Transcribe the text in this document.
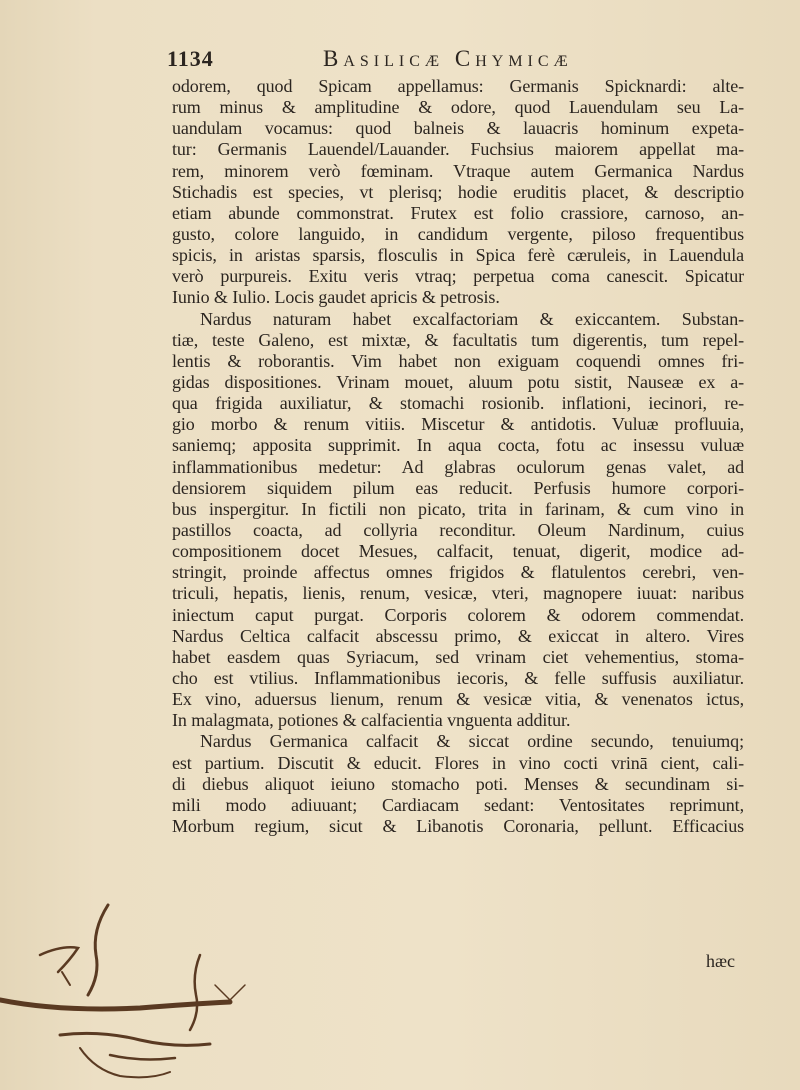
1134	Basilicæ Chymicæ
odorem, quod Spicam appellamus: Germanis Spicknardi: alte-
rum minus & amplitudine & odore, quod Lauendulam seu La-
uandulam vocamus: quod balneis & lauacris hominum expeta-
tur: Germanis Lauendel/Lauander. Fuchsius maiorem appellat ma-
rem, minorem verò fœminam. Vtraque autem Germanica Nardus
Stichadis est species, vt plerisq; hodie eruditis placet, & descriptio
etiam abunde commonstrat. Frutex est folio crassiore, carnoso, an-
gusto, colore languido, in candidum vergente, piloso frequentibus
spicis, in aristas sparsis, flosculis in Spica ferè cæruleis, in Lauendula
verò purpureis. Exitu veris vtraq; perpetua coma canescit. Spicatur
Iunio & Iulio. Locis gaudet apricis & petrosis.
Nardus naturam habet excalfactoriam & exiccantem. Substan-
tiæ, teste Galeno, est mixtæ, & facultatis tum digerentis, tum repel-
lentis & roborantis. Vim habet non exiguam coquendi omnes fri-
gidas dispositiones. Vrinam mouet, aluum potu sistit, Nauseæ ex a-
qua frigida auxiliatur, & stomachi rosionib. inflationi, iecinori, re-
gio morbo & renum vitiis. Miscetur & antidotis. Vuluæ profluuia,
saniemq; apposita supprimit. In aqua cocta, fotu ac insessu vuluæ
inflammationibus medetur: Ad glabras oculorum genas valet, ad
densiorem siquidem pilum eas reducit. Perfusis humore corpori-
bus inspergitur. In fictili non picato, trita in farinam, & cum vino in
pastillos coacta, ad collyria reconditur. Oleum Nardinum, cuius
compositionem docet Mesues, calfacit, tenuat, digerit, modice ad-
stringit, proinde affectus omnes frigidos & flatulentos cerebri, ven-
triculi, hepatis, lienis, renum, vesicæ, vteri, magnopere iuuat: naribus
iniectum caput purgat. Corporis colorem & odorem commendat.
Nardus Celtica calfacit abscessu primo, & exiccat in altero. Vires
habet easdem quas Syriacum, sed vrinam ciet vehementius, stoma-
cho est vtilius. Inflammationibus iecoris, & felle suffusis auxiliatur.
Ex vino, aduersus lienum, renum & vesicæ vitia, & venenatos ictus,
In malagmata, potiones & calfacientia vnguenta additur.
Nardus Germanica calfacit & siccat ordine secundo, tenuiumq;
est partium. Discutit & educit. Flores in vino cocti vrinā cient, cali-
di diebus aliquot ieiuno stomacho poti. Menses & secundinam si-
mili modo adiuuant; Cardiacam sedant: Ventositates reprimunt,
Morbum regium, sicut & Libanotis Coronaria, pellunt. Efficacius
hæc
